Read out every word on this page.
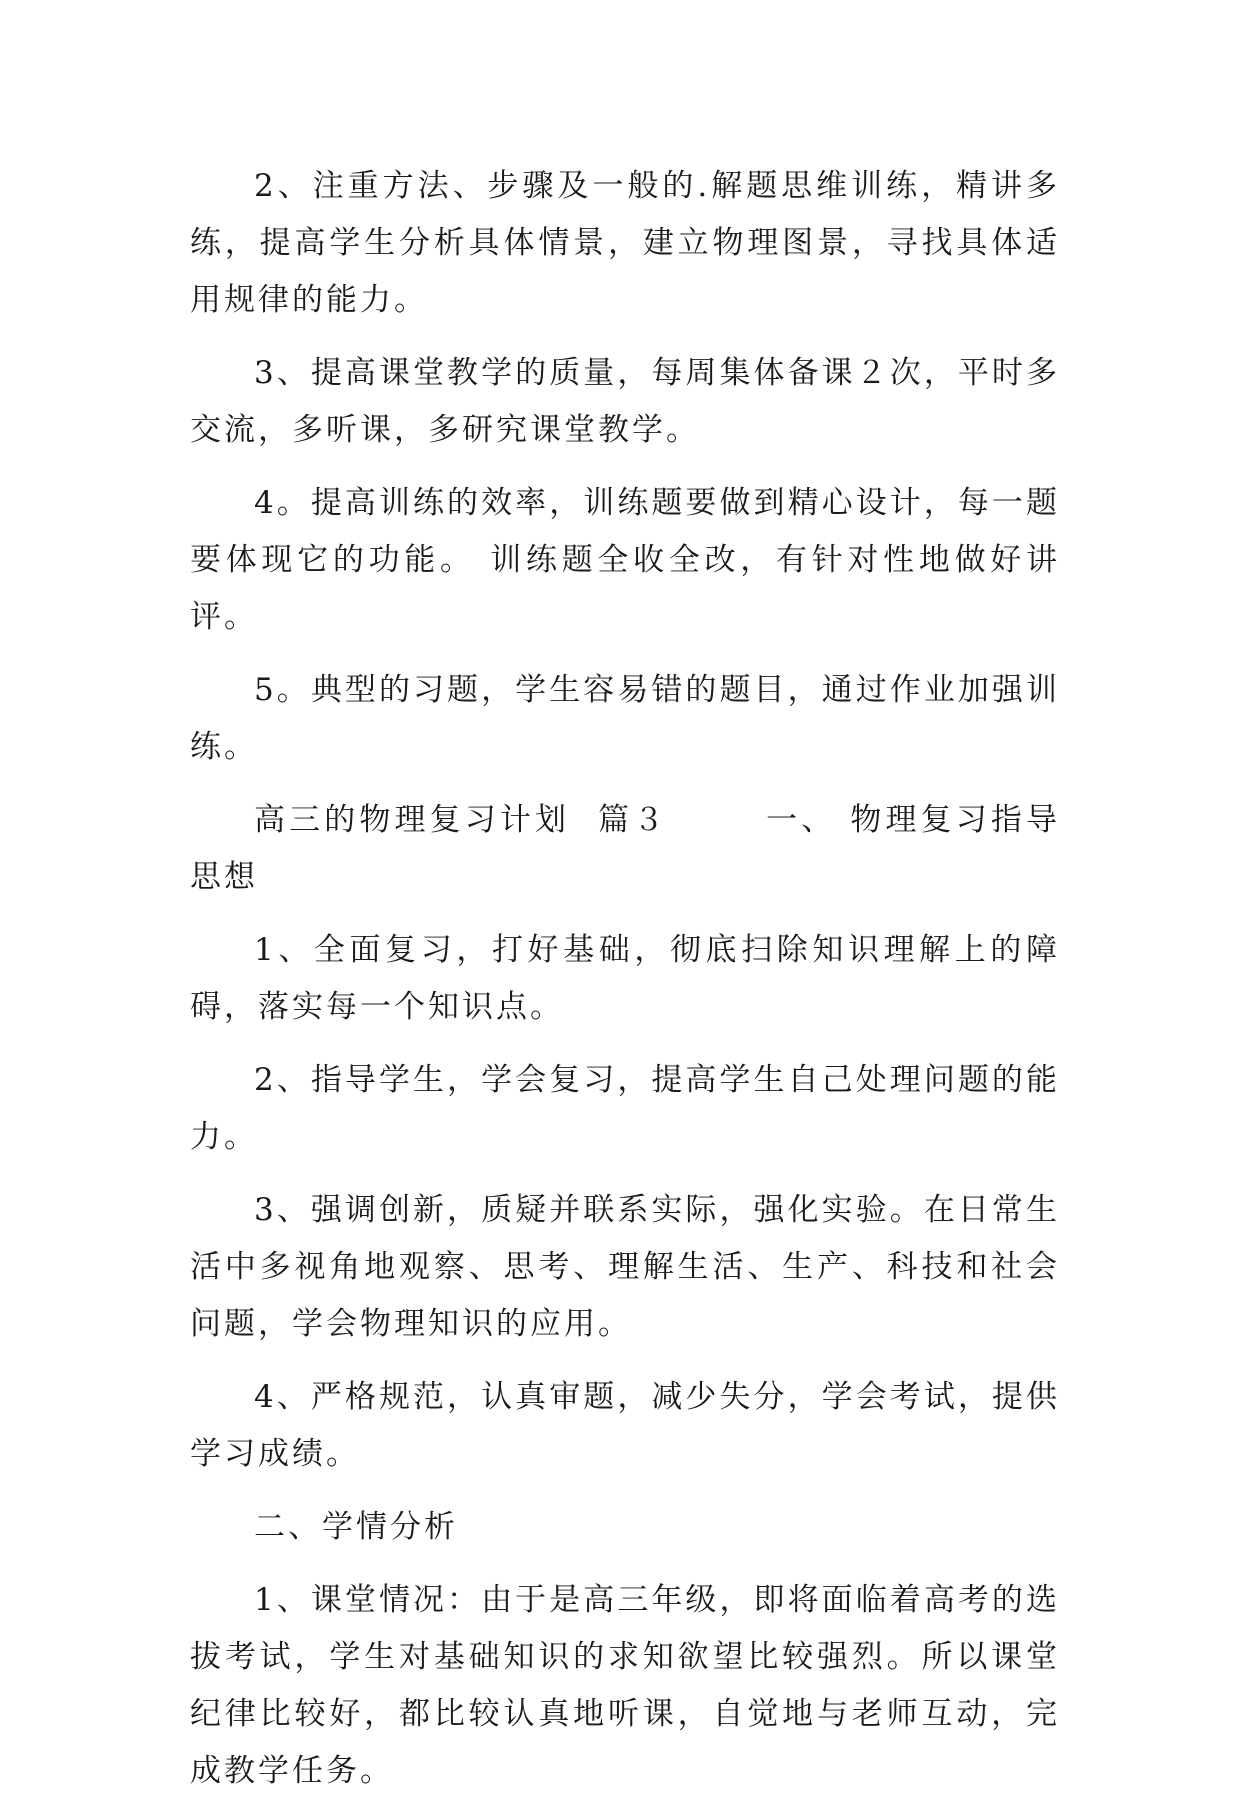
2、注重方法、步骤及一般的.解题思维训练，精讲多练，提高学生分析具体情景，建立物理图景，寻找具体适用规律的能力。

3、提高课堂教学的质量，每周集体备课２次，平时多交流，多听课，多研究课堂教学。

4。提高训练的效率，训练题要做到精心设计，每一题要体现它的功能。 训练题全收全改，有针对性地做好讲评。

5。典型的习题，学生容易错的题目，通过作业加强训练。

高三的物理复习计划  篇３       一、 物理复习指导思想

1、全面复习，打好基础，彻底扫除知识理解上的障碍，落实每一个知识点。

2、指导学生，学会复习，提高学生自己处理问题的能力。

3、强调创新，质疑并联系实际，强化实验。在日常生活中多视角地观察、思考、理解生活、生产、科技和社会问题，学会物理知识的应用。

4、严格规范，认真审题，减少失分，学会考试，提供学习成绩。

二、学情分析

1、课堂情况：由于是高三年级，即将面临着高考的选拔考试，学生对基础知识的求知欲望比较强烈。所以课堂纪律比较好，都比较认真地听课，自觉地与老师互动，完成教学任务。
